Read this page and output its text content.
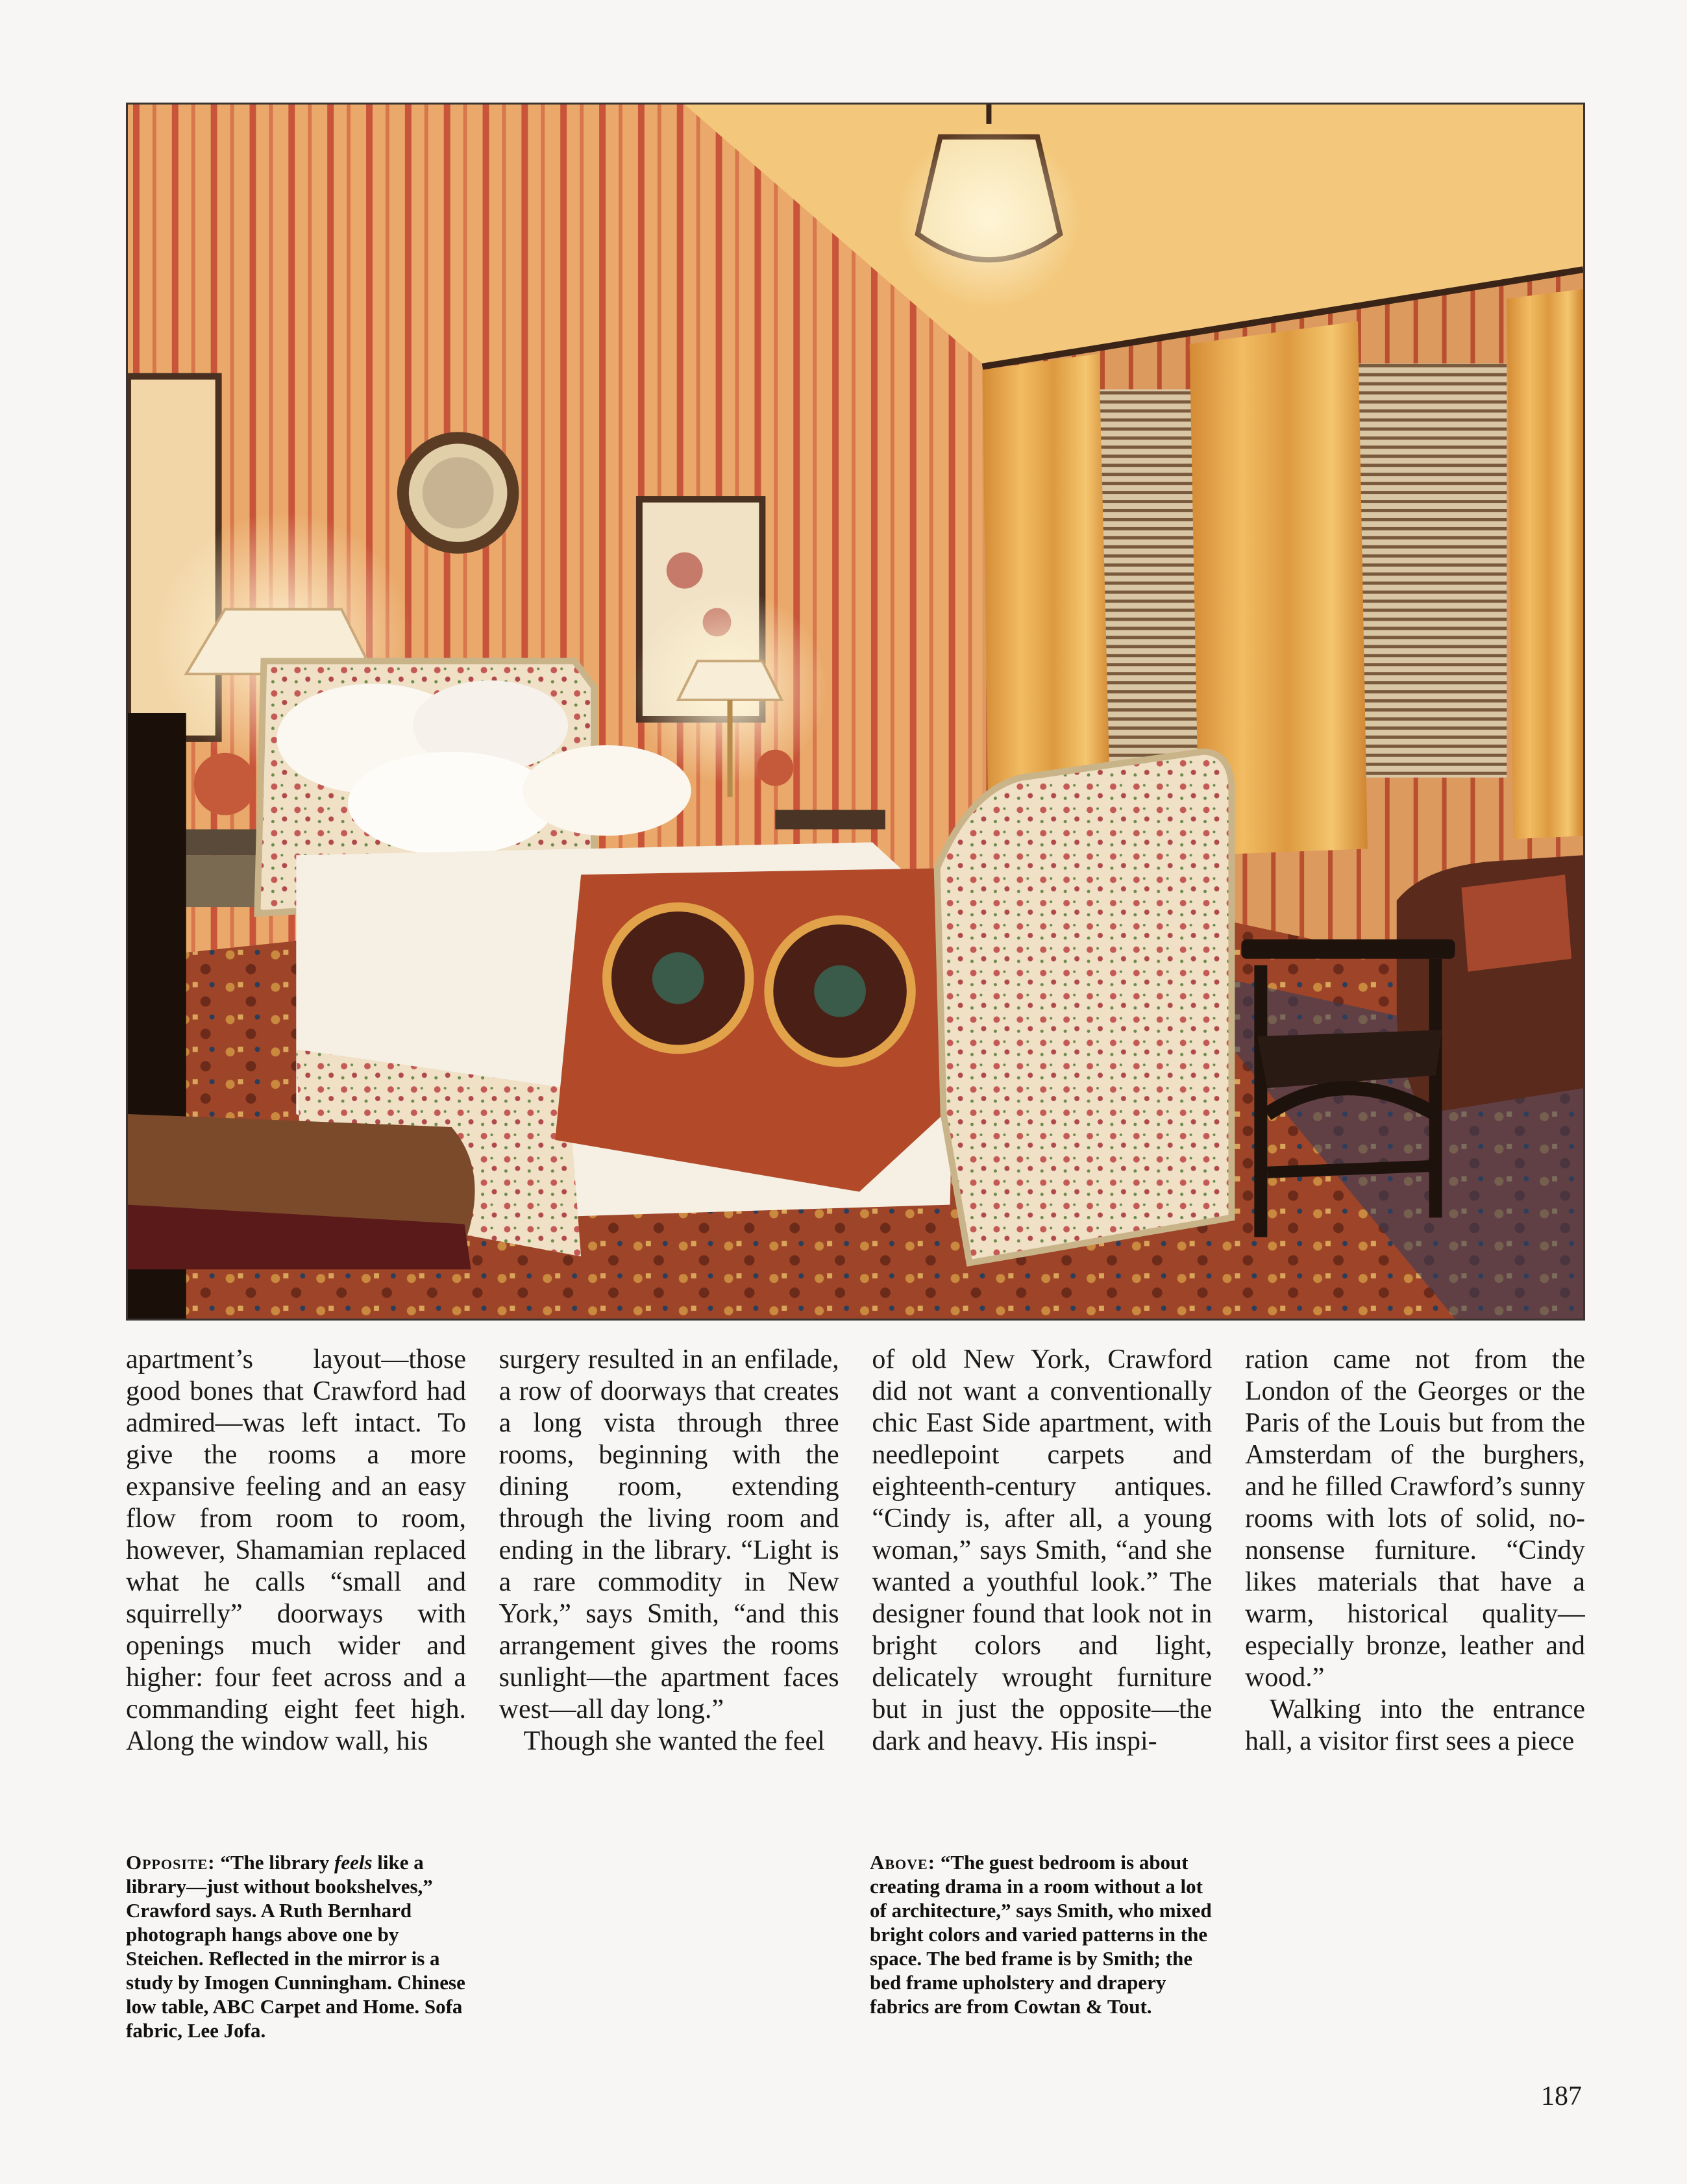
apartment’s layout—those good bones that Crawford had admired—was left intact. To give the rooms a more expansive feeling and an easy flow from room to room, however, Shamamian replaced what he calls “small and squirrelly” doorways with openings much wider and higher: four feet across and a commanding eight feet high. Along the window wall, his

surgery resulted in an enfilade, a row of doorways that creates a long vista through three rooms, beginning with the dining room, extending through the living room and ending in the library. “Light is a rare commodity in New York,” says Smith, “and this arrangement gives the rooms sunlight—the apartment faces west—all day long.”

Though she wanted the feel

of old New York, Crawford did not want a conventionally chic East Side apartment, with needlepoint carpets and eighteenth-century antiques. “Cindy is, after all, a young woman,” says Smith, “and she wanted a youthful look.” The designer found that look not in bright colors and light, delicately wrought furniture but in just the opposite—the dark and heavy. His inspi-

ration came not from the London of the Georges or the Paris of the Louis but from the Amsterdam of the burghers, and he filled Crawford’s sunny rooms with lots of solid, no-nonsense furniture. “Cindy likes materials that have a warm, historical quality—especially bronze, leather and wood.”

Walking into the entrance hall, a visitor first sees a piece

Opposite: “The library feels like a library—just without bookshelves,” Crawford says. A Ruth Bernhard photograph hangs above one by Steichen. Reflected in the mirror is a study by Imogen Cunningham. Chinese low table, ABC Carpet and Home. Sofa fabric, Lee Jofa.
Above: “The guest bedroom is about creating drama in a room without a lot of architecture,” says Smith, who mixed bright colors and varied patterns in the space. The bed frame is by Smith; the bed frame upholstery and drapery fabrics are from Cowtan & Tout.
187
